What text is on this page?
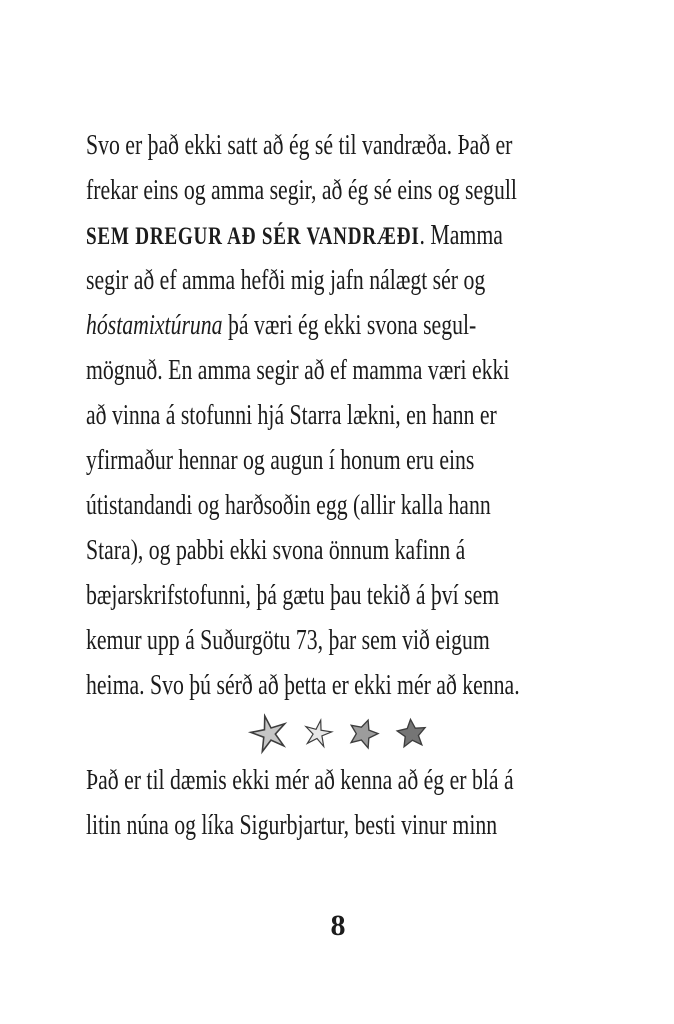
Svo er það ekki satt að ég sé til vandræða. Það er
frekar eins og amma segir, að ég sé eins og segull
SEM DREGUR AÐ SÉR VANDRÆÐI. Mamma
segir að ef amma hefði mig jafn nálægt sér og
hóstamixtúruna þá væri ég ekki svona segul-
mögnuð. En amma segir að ef mamma væri ekki
að vinna á stofunni hjá Starra lækni, en hann er
yfirmaður hennar og augun í honum eru eins
útistandandi og harðsoðin egg (allir kalla hann
Stara), og pabbi ekki svona önnum kafinn á
bæjarskrifstofunni, þá gætu þau tekið á því sem
kemur upp á Suðurgötu 73, þar sem við eigum
heima. Svo þú sérð að þetta er ekki mér að kenna.
Það er til dæmis ekki mér að kenna að ég er blá á
litin núna og líka Sigurbjartur, besti vinur minn
8
